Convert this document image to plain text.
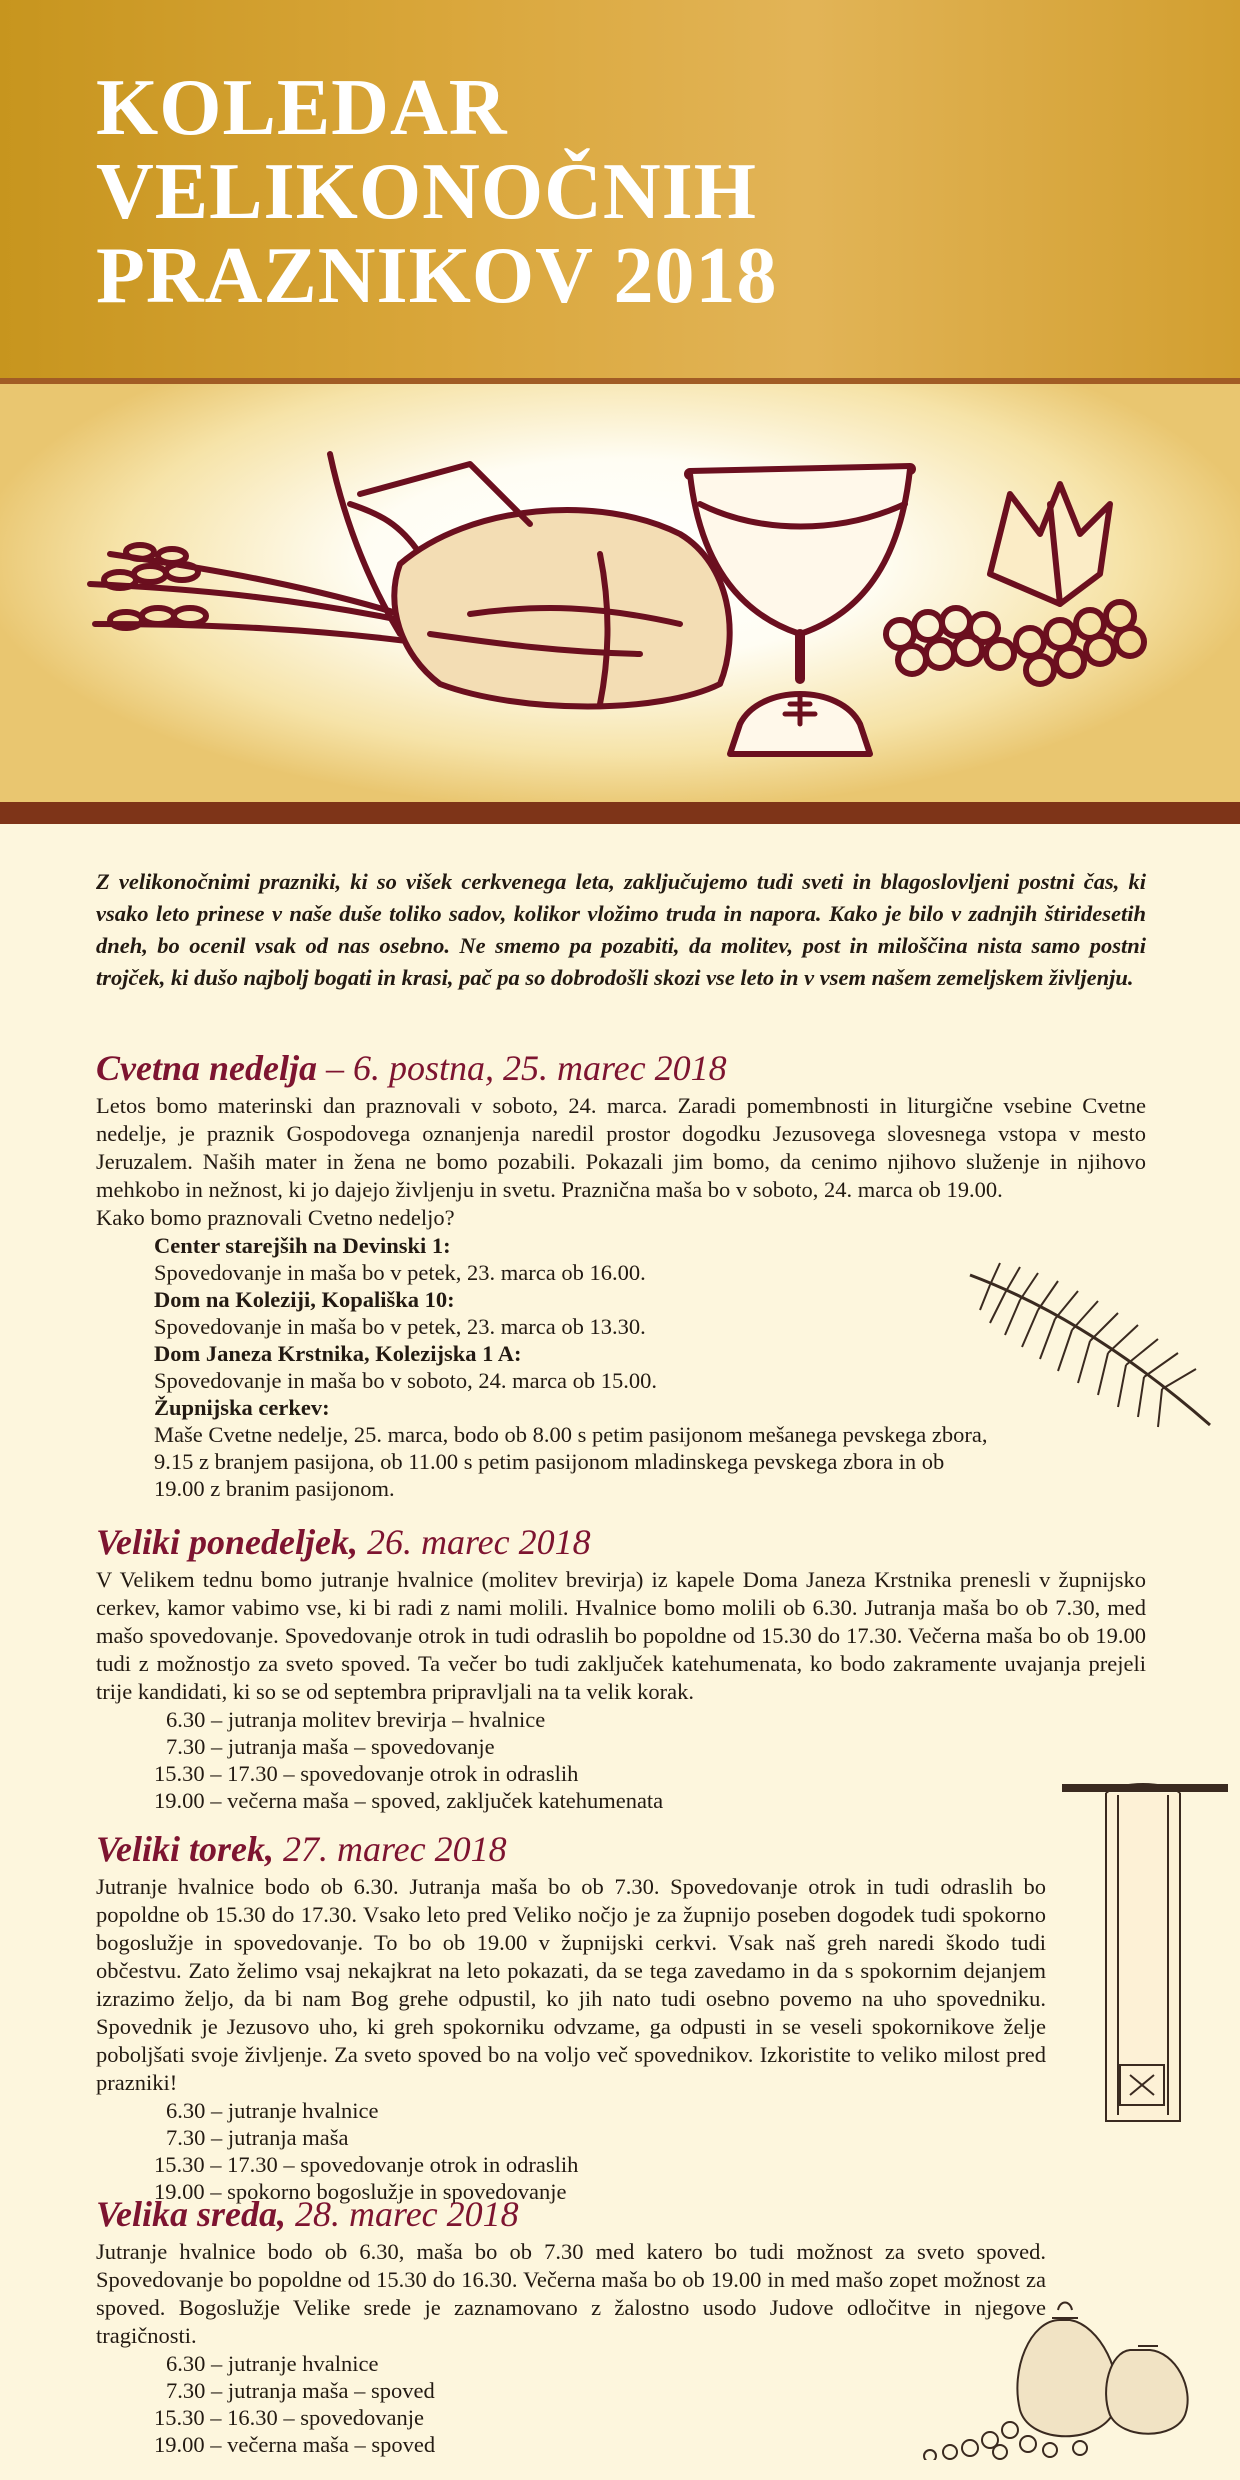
KOLEDAR
VELIKONOČNIH
PRAZNIKOV 2018
Z velikonočnimi prazniki, ki so višek cerkvenega leta, zaključujemo tudi sveti in blagoslovljeni postni čas, ki vsako leto prinese v naše duše toliko sadov, kolikor vložimo truda in napora. Kako je bilo v zadnjih štiridesetih dneh, bo ocenil vsak od nas osebno. Ne smemo pa pozabiti, da molitev, post in miloščina nista samo postni trojček, ki dušo najbolj bogati in krasi, pač pa so dobrodošli skozi vse leto in v vsem našem zemeljskem življenju.
Cvetna nedelja – 6. postna, 25. marec 2018

Letos bomo materinski dan praznovali v soboto, 24. marca. Zaradi pomembnosti in liturgične vsebine Cvetne nedelje, je praznik Gospodovega oznanjenja naredil prostor dogodku Jezusovega slovesnega vstopa v mesto Jeruzalem. Naših mater in žena ne bomo pozabili. Pokazali jim bomo, da cenimo njihovo služenje in njihovo mehkobo in nežnost, ki jo dajejo življenju in svetu. Praznična maša bo v soboto, 24. marca ob 19.00.

Kako bomo praznovali Cvetno nedeljo?

Center starejših na Devinski 1:
Spovedovanje in maša bo v petek, 23. marca ob 16.00.
Dom na Koleziji, Kopališka 10:
Spovedovanje in maša bo v petek, 23. marca ob 13.30.
Dom Janeza Krstnika, Kolezijska 1 A:
Spovedovanje in maša bo v soboto, 24. marca ob 15.00.
Župnijska cerkev:
Maše Cvetne nedelje, 25. marca, bodo ob 8.00 s petim pasijonom mešanega pevskega zbora,
9.15 z branjem pasijona, ob 11.00 s petim pasijonom mladinskega pevskega zbora in ob
19.00 z branim pasijonom.
Veliki ponedeljek, 26. marec 2018

V Velikem tednu bomo jutranje hvalnice (molitev brevirja) iz kapele Doma Janeza Krstnika prenesli v župnijsko cerkev, kamor vabimo vse, ki bi radi z nami molili. Hvalnice bomo molili ob 6.30. Jutranja maša bo ob 7.30, med mašo spovedovanje. Spovedovanje otrok in tudi odraslih bo popoldne od 15.30 do 17.30. Večerna maša bo ob 19.00 tudi z možnostjo za sveto spoved. Ta večer bo tudi zaključek katehumenata, ko bodo zakramente uvajanja prejeli trije kandidati, ki so se od septembra pripravljali na ta velik korak.

6.30 – jutranja molitev brevirja – hvalnice
7.30 – jutranja maša – spovedovanje
15.30 – 17.30 – spovedovanje otrok in odraslih
19.00 – večerna maša – spoved, zaključek katehumenata
Veliki torek, 27. marec 2018

Jutranje hvalnice bodo ob 6.30. Jutranja maša bo ob 7.30. Spovedovanje otrok in tudi odraslih bo popoldne ob 15.30 do 17.30. Vsako leto pred Veliko nočjo je za župnijo poseben dogodek tudi spokorno bogoslužje in spovedovanje. To bo ob 19.00 v župnijski cerkvi. Vsak naš greh naredi škodo tudi občestvu. Zato želimo vsaj nekajkrat na leto pokazati, da se tega zavedamo in da s spokornim dejanjem izrazimo željo, da bi nam Bog grehe odpustil, ko jih nato tudi osebno povemo na uho spovedniku. Spovednik je Jezusovo uho, ki greh spokorniku odvzame, ga odpusti in se veseli spokornikove želje poboljšati svoje življenje. Za sveto spoved bo na voljo več spovednikov. Izkoristite to veliko milost pred prazniki!

6.30 – jutranje hvalnice
7.30 – jutranja maša
15.30 – 17.30 – spovedovanje otrok in odraslih
19.00 – spokorno bogoslužje in spovedovanje
Velika sreda, 28. marec 2018

Jutranje hvalnice bodo ob 6.30, maša bo ob 7.30 med katero bo tudi možnost za sveto spoved. Spovedovanje bo popoldne od 15.30 do 16.30. Večerna maša bo ob 19.00 in med mašo zopet možnost za spoved. Bogoslužje Velike srede je zaznamovano z žalostno usodo Judove odločitve in njegove tragičnosti.

6.30 – jutranje hvalnice
7.30 – jutranja maša – spoved
15.30 – 16.30 – spovedovanje
19.00 – večerna maša – spoved
